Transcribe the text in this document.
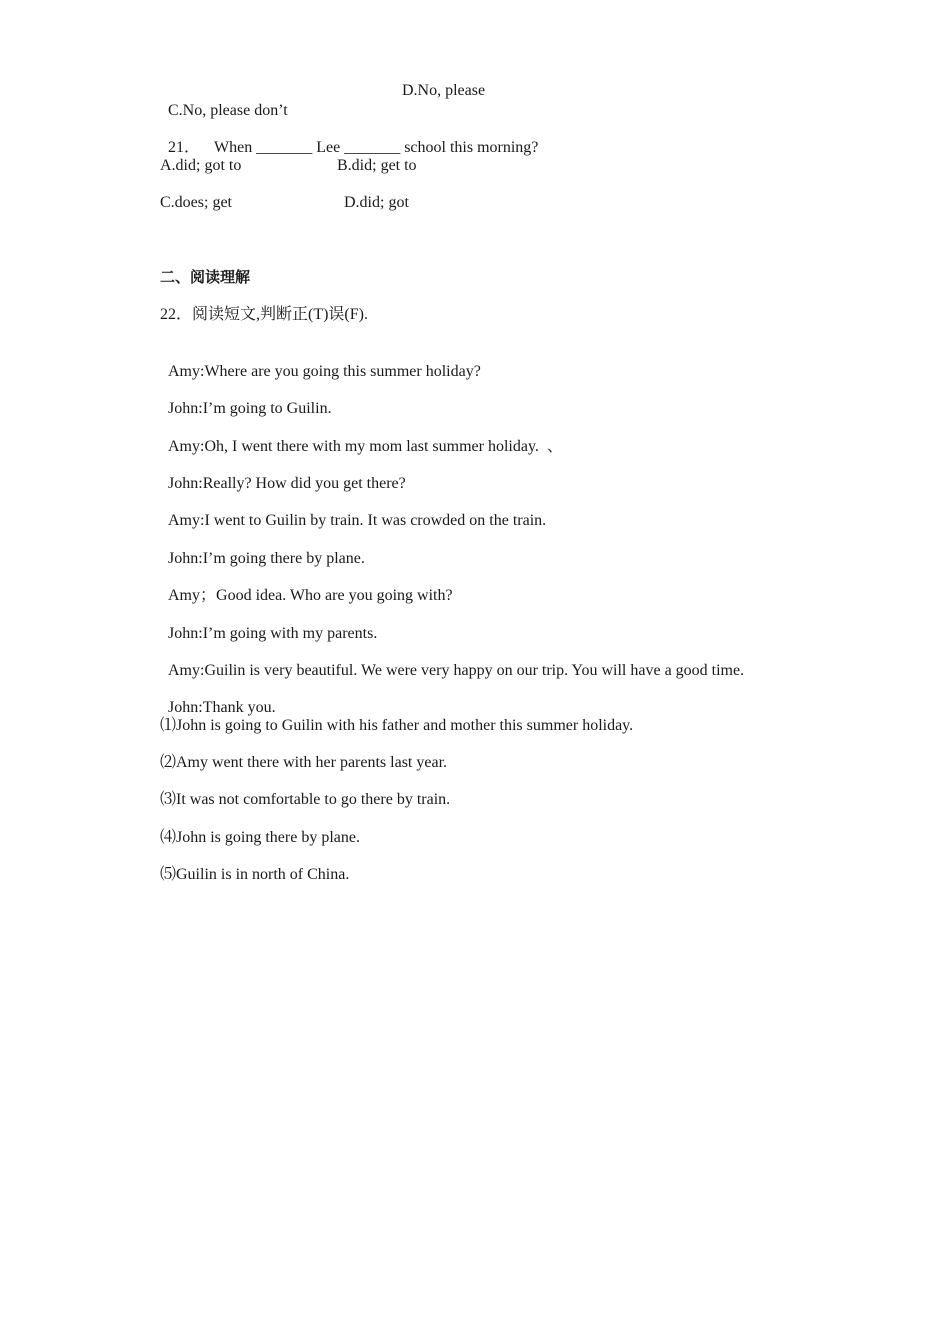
C.No, please don’t

D.No, please

21． When _______ Lee _______ school this morning?

A.did; got to	B.did; get to
C.does; get	D.did; got
二、阅读理解
22．阅读短文,判断正(T)误(F).

Amy:Where are you going this summer holiday?

John:I’m going to Guilin.

Amy:Oh, I went there with my mom last summer holiday.  、

John:Really? How did you get there?

Amy:I went to Guilin by train. It was crowded on the train.

John:I’m going there by plane.

Amy；Good idea. Who are you going with?

John:I’m going with my parents.

Amy:Guilin is very beautiful. We were very happy on our trip. You will have a good time.

John:Thank you.

⑴John is going to Guilin with his father and mother this summer holiday.
⑵Amy went there with her parents last year.
⑶It was not comfortable to go there by train.
⑷John is going there by plane.
⑸Guilin is in north of China.
